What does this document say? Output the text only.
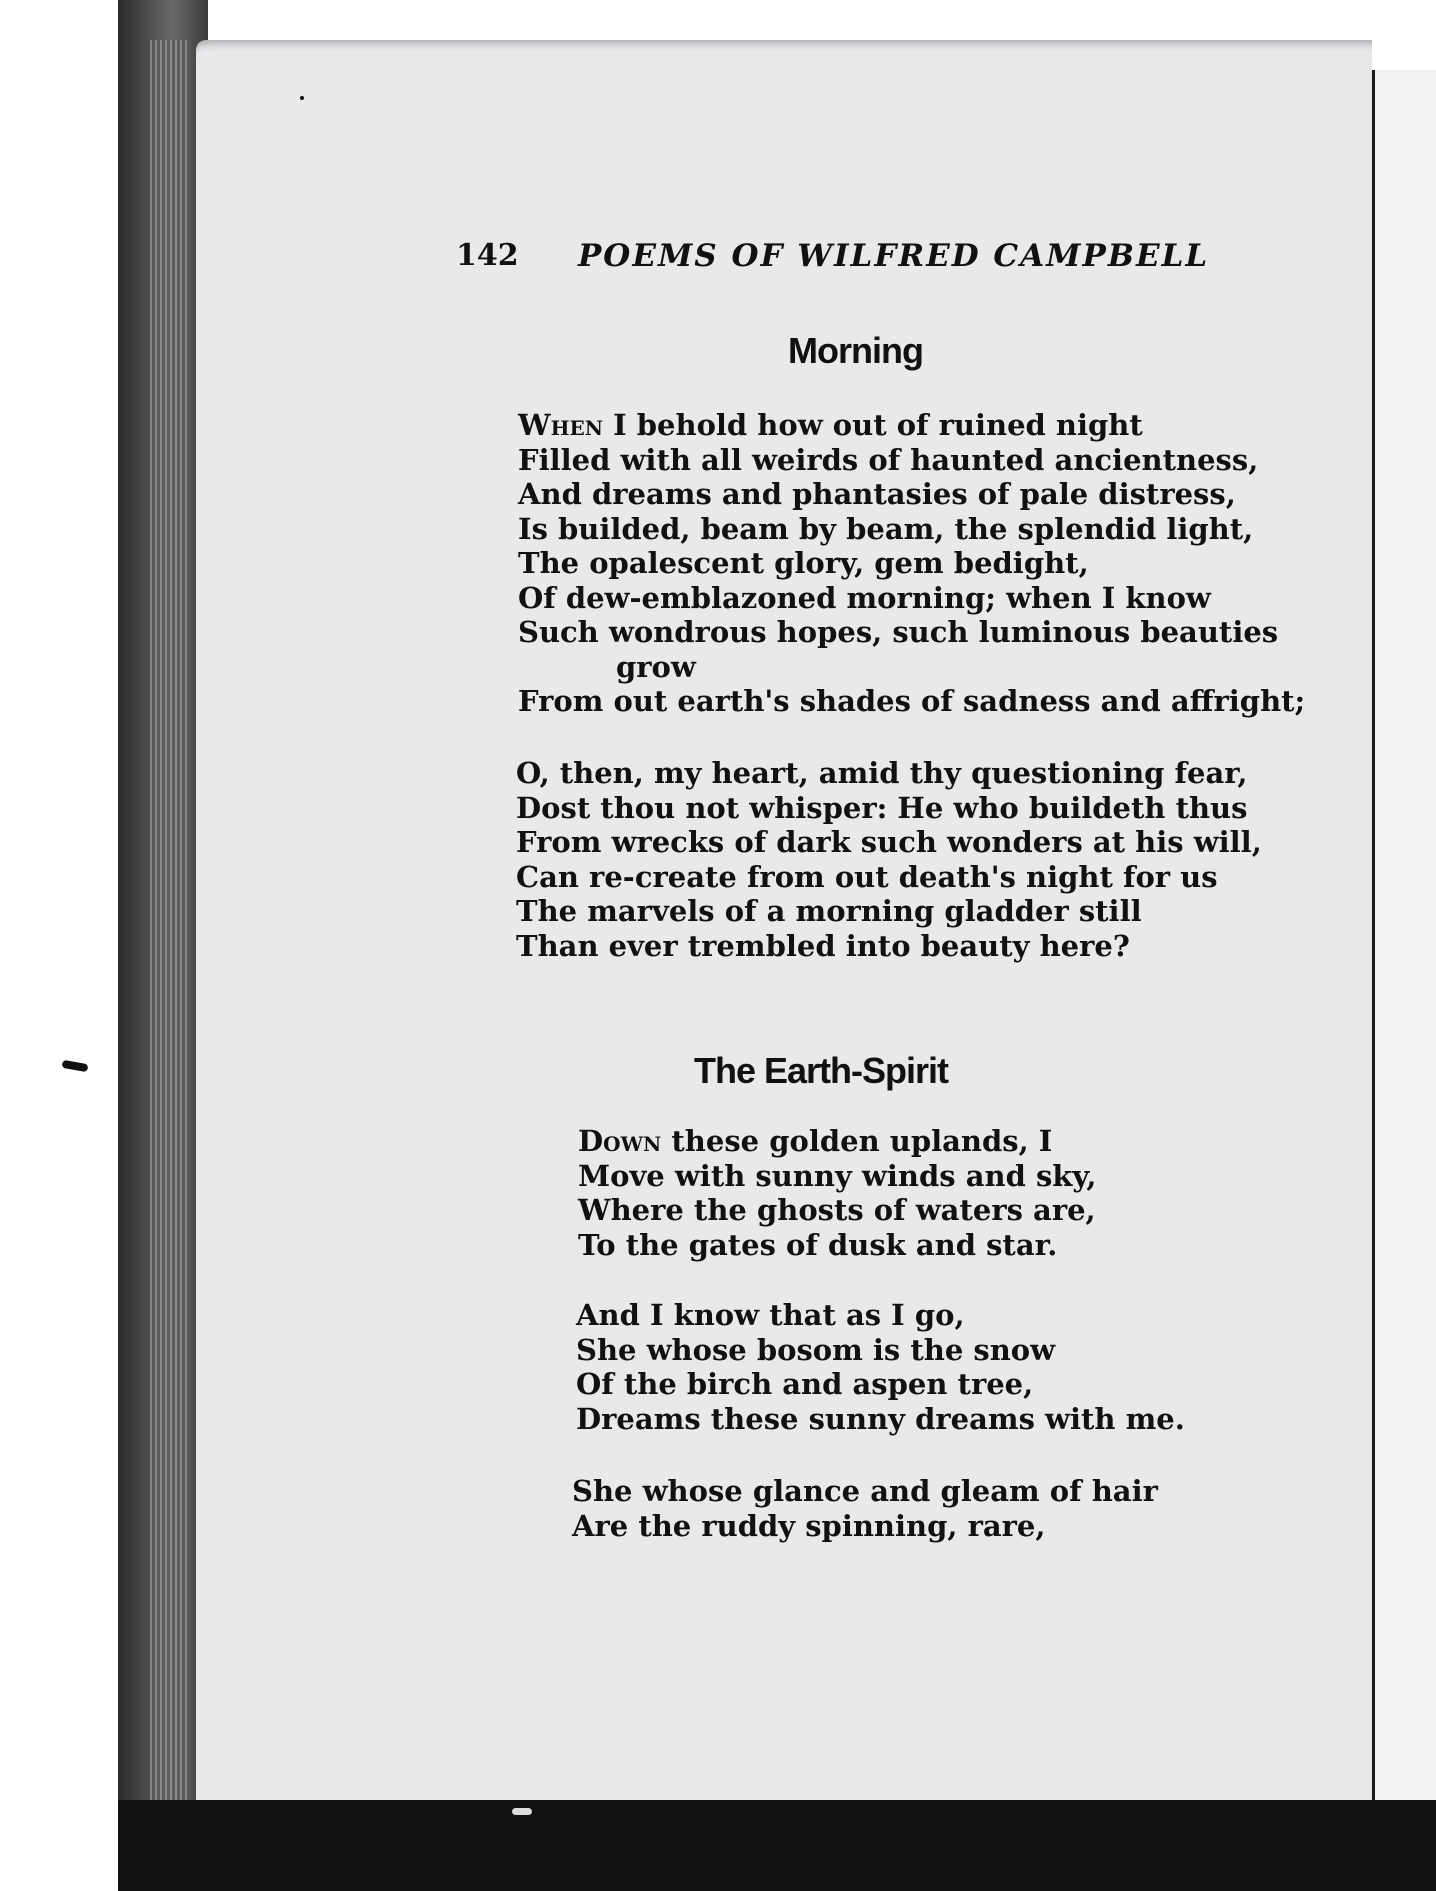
142 POEMS OF WILFRED CAMPBELL
Morning
When I behold how out of ruined night
Filled with all weirds of haunted ancientness,
And dreams and phantasies of pale distress,
Is builded, beam by beam, the splendid light,
The opalescent glory, gem bedight,
Of dew-emblazoned morning; when I know
Such wondrous hopes, such luminous beauties
grow
From out earth's shades of sadness and affright;
O, then, my heart, amid thy questioning fear,
Dost thou not whisper: He who buildeth thus
From wrecks of dark such wonders at his will,
Can re-create from out death's night for us
The marvels of a morning gladder still
Than ever trembled into beauty here?
The Earth-Spirit
Down these golden uplands, I
Move with sunny winds and sky,
Where the ghosts of waters are,
To the gates of dusk and star.
And I know that as I go,
She whose bosom is the snow
Of the birch and aspen tree,
Dreams these sunny dreams with me.
She whose glance and gleam of hair
Are the ruddy spinning, rare,
